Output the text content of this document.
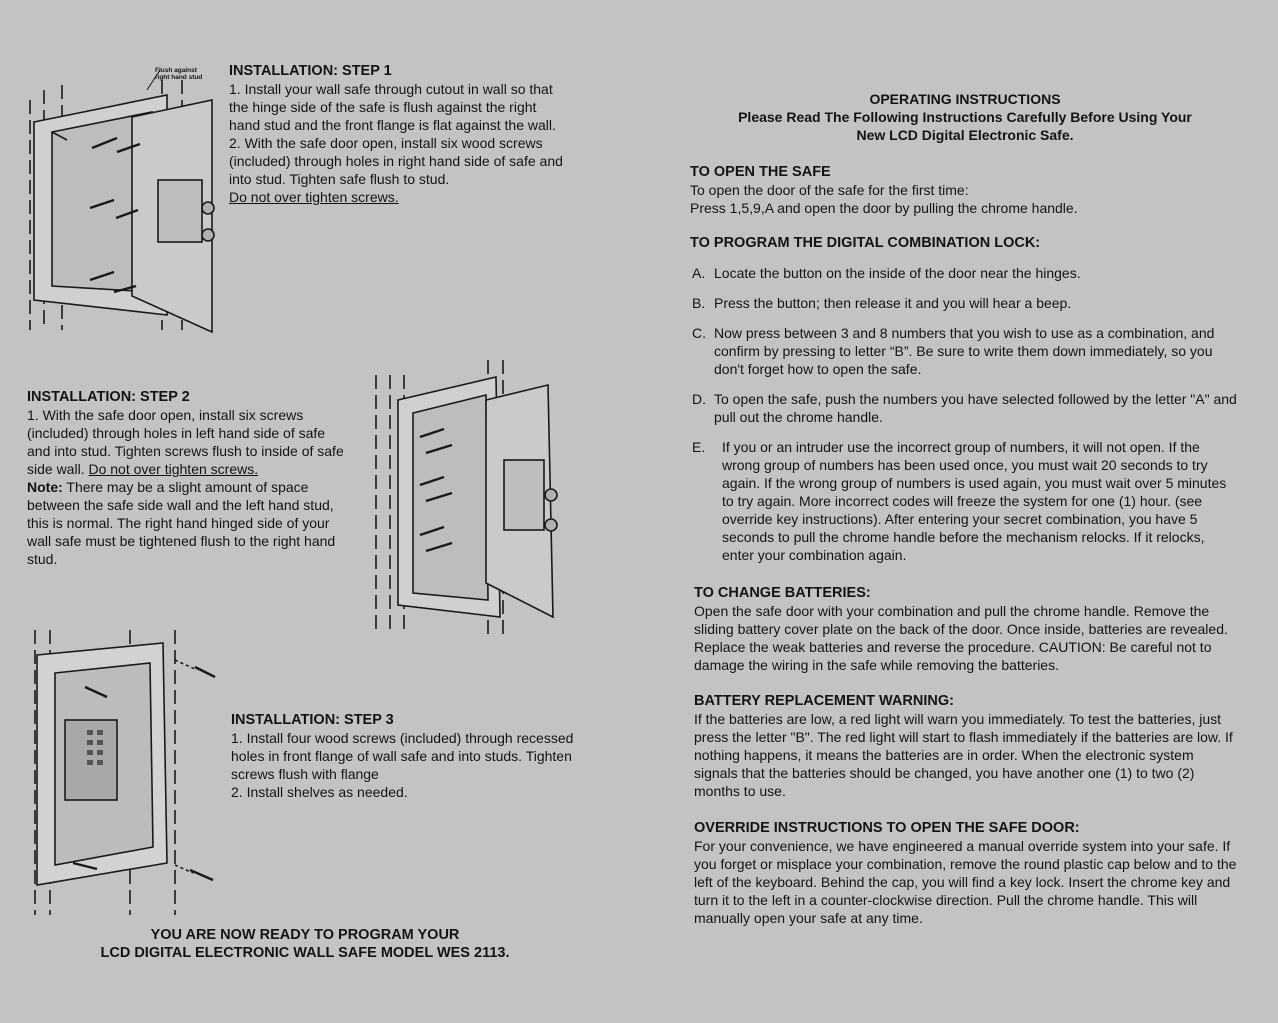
Flush against
right hand stud INSTALLATION: STEP 1

1. Install your wall safe through cutout in wall so that the hinge side of the safe is flush against the right hand stud and the front flange is flat against the wall.

2. With the safe door open, install six wood screws (included) through holes in right hand side of safe and into stud. Tighten safe flush to stud.

Do not over tighten screws.

INSTALLATION: STEP 2

1. With the safe door open, install six screws (included) through holes in left hand side of safe and into stud. Tighten screws flush to inside of safe side wall. Do not over tighten screws.

Note: There may be a slight amount of space between the safe side wall and the left hand stud, this is normal. The right hand hinged side of your wall safe must be tightened flush to the right hand stud.

INSTALLATION: STEP 3

1. Install four wood screws (included) through recessed holes in front flange of wall safe and into studs. Tighten screws flush with flange

2. Install shelves as needed.

YOU ARE NOW READY TO PROGRAM YOUR

LCD DIGITAL ELECTRONIC WALL SAFE MODEL WES 2113.

OPERATING INSTRUCTIONS

Please Read The Following Instructions Carefully Before Using Your

New LCD Digital Electronic Safe.

TO OPEN THE SAFE

To open the door of the safe for the first time:

Press 1,5,9,A and open the door by pulling the chrome handle.

TO PROGRAM THE DIGITAL COMBINATION LOCK:

A. Locate the button on the inside of the door near the hinges.
B. Press the button; then release it and you will hear a beep.
C. Now press between 3 and 8 numbers that you wish to use as a combination, and confirm by pressing to letter “B”. Be sure to write them down immediately, so you don't forget how to open the safe.
D. To open the safe, push the numbers you have selected followed by the letter "A" and pull out the chrome handle.
E.	If you or an intruder use the incorrect group of numbers, it will not open. If the wrong group of numbers has been used once, you must wait 20 seconds to try again. If the wrong group of numbers is used again, you must wait over 5 minutes to try again. More incorrect codes will freeze the system for one (1) hour. (see override key instructions). After entering your secret combination, you have 5 seconds to pull the chrome handle before the mechanism relocks. If it relocks, enter your combination again.

TO CHANGE BATTERIES:

Open the safe door with your combination and pull the chrome handle. Remove the sliding battery cover plate on the back of the door. Once inside, batteries are revealed. Replace the weak batteries and reverse the procedure. CAUTION: Be careful not to damage the wiring in the safe while removing the batteries.

BATTERY REPLACEMENT WARNING:

If the batteries are low, a red light will warn you immediately. To test the batteries, just press the letter "B". The red light will start to flash immediately if the batteries are low. If nothing happens, it means the batteries are in order. When the electronic system signals that the batteries should be changed, you have another one (1) to two (2) months to use.

OVERRIDE INSTRUCTIONS TO OPEN THE SAFE DOOR:

For your convenience, we have engineered a manual override system into your safe. If you forget or misplace your combination, remove the round plastic cap below and to the left of the keyboard. Behind the cap, you will find a key lock. Insert the chrome key and turn it to the left in a counter-clockwise direction. Pull the chrome handle. This will manually open your safe at any time.
